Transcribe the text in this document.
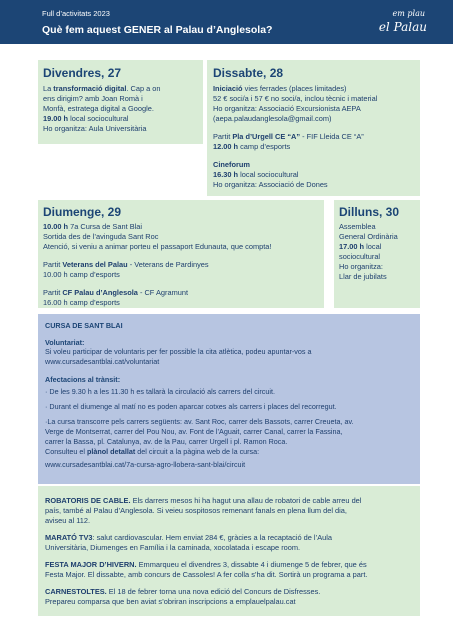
Full d’activitats 2023
Què fem aquest GENER al Palau d’Anglesola?
em plau
el Palau
Divendres, 27
La transformació digital. Cap a on
ens dirigim? amb Joan Romà i
Monfà, estratega digital a Google.
19.00 h local sociocultural
Ho organitza: Aula Universitària
Dissabte, 28
Iniciació vies ferrades (places limitades)
52 € soci/a i 57 € no soci/a, inclou tècnic i material
Ho organitza: Associació Excursionista AEPA
(aepa.palaudanglesola@gmail.com)
Partit Pla d’Urgell CE “A” - FIF Lleida CE “A”
12.00 h camp d’esports
Cineforum
16.30 h local sociocultural
Ho organitza: Associació de Dones
Diumenge, 29
10.00 h 7a Cursa de Sant Blai
Sortida des de l’avinguda Sant Roc
Atenció, si veniu a animar porteu el passaport Edunauta, que compta!
Partit Veterans del Palau - Veterans de Pardinyes
10.00 h camp d’esports
Partit CF Palau d’Anglesola - CF Agramunt
16.00 h camp d’esports
Dilluns, 30
Assemblea
General Ordinària
17.00 h local
sociocultural
Ho organitza:
Llar de jubilats
CURSA DE SANT BLAI
Voluntariat:
Si voleu participar de voluntaris per fer possible la cita atlètica, podeu apuntar-vos a
www.cursadesantblai.cat/voluntariat
Afectacions al trànsit:
· De les 9.30 h a les 11.30 h es tallarà la circulació als carrers del circuit.
· Durant el diumenge al matí no es poden aparcar cotxes als carrers i places del recorregut.
·La cursa transcorre pels carrers següents: av. Sant Roc, carrer dels Bassots, carrer Creueta, av.
Verge de Montserrat, carrer del Pou Nou, av. Font de l’Aguait, carrer Canal, carrer la Fassina,
carrer la Bassa, pl. Catalunya, av. de la Pau, carrer Urgell i pl. Ramon Roca.
Consulteu el plànol detallat del circuit a la pàgina web de la cursa:
www.cursadesantblai.cat/7a-cursa-agro-llobera-sant-blai/circuit
ROBATORIS DE CABLE. Els darrers mesos hi ha hagut una allau de robatori de cable arreu del
país, també al Palau d’Anglesola. Si veieu sospitosos remenant fanals en plena llum del dia,
aviseu al 112.
MARATÓ TV3: salut cardiovascular. Hem enviat 284 €, gràcies a la recaptació de l’Aula
Universitària, Diumenges en Família i la caminada, xocolatada i escape room.
FESTA MAJOR D’HIVERN. Emmarqueu el divendres 3, dissabte 4 i diumenge 5 de febrer, que és
Festa Major. El dissabte, amb concurs de Cassoles! A fer colla s’ha dit. Sortirà un programa a part.
CARNESTOLTES. El 18 de febrer torna una nova edició del Concurs de Disfresses.
Prepareu comparsa que ben aviat s’obriran inscripcions a emplauelpalau.cat
